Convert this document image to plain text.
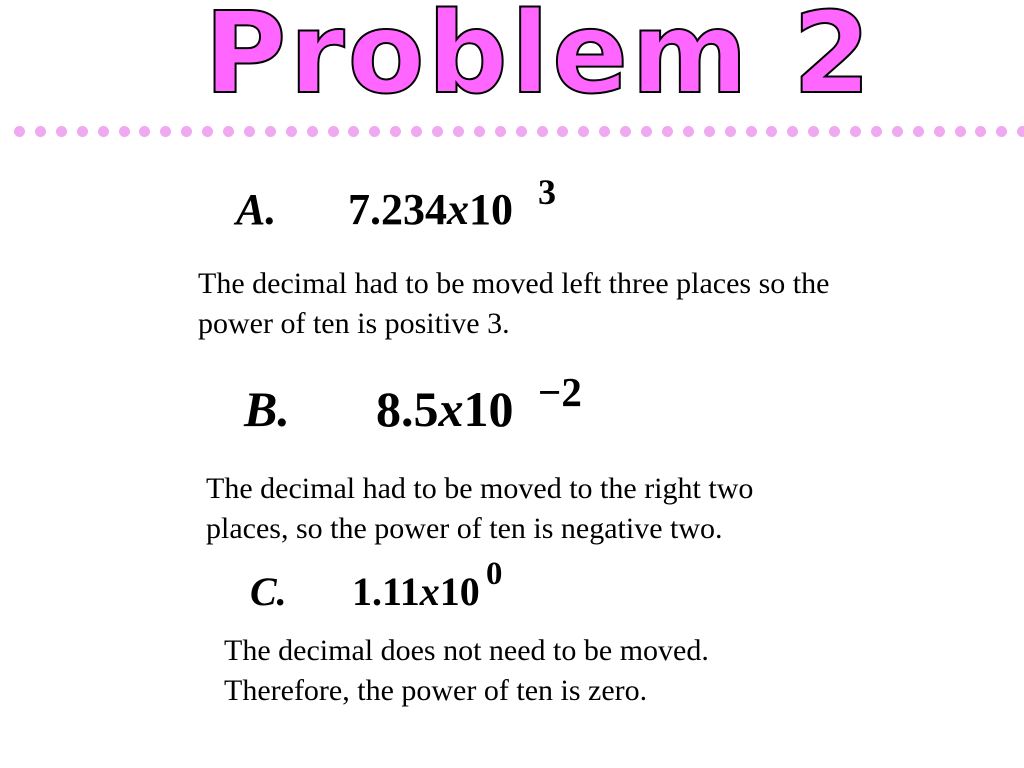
Problem 2
A. 7.234x10 3
The decimal had to be moved left three places so the
power of ten is positive 3.
B. 8.5x10 −2
The decimal had to be moved to the right two
places, so the power of ten is negative two.
C. 1.11x10 0
The decimal does not need to be moved.
Therefore, the power of ten is zero.
